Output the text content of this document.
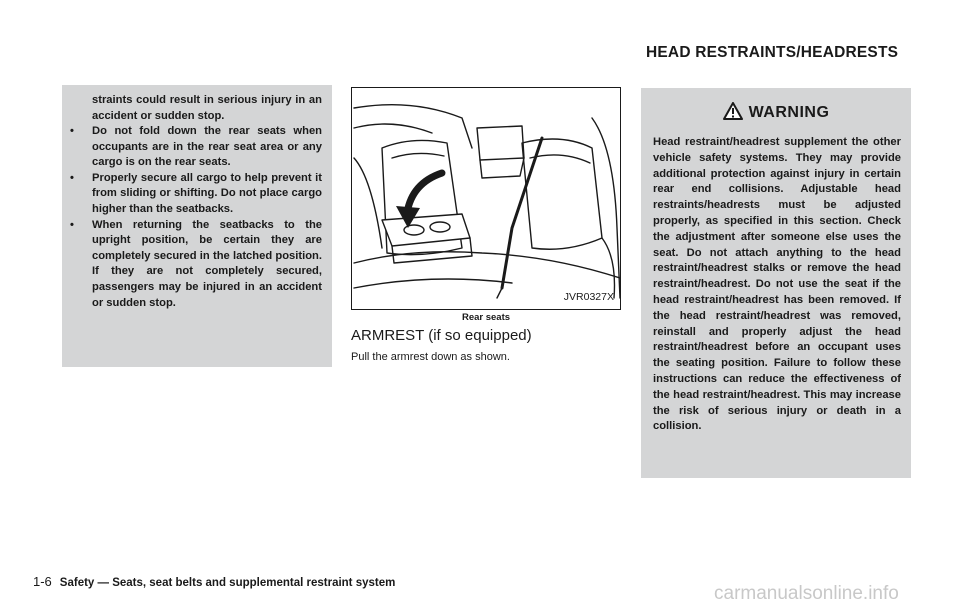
HEAD RESTRAINTS/HEADRESTS
straints could result in serious injury in an accident or sudden stop.
• Do not fold down the rear seats when occupants are in the rear seat area or any cargo is on the rear seats.
• Properly secure all cargo to help prevent it from sliding or shifting. Do not place cargo higher than the seatbacks.
• When returning the seatbacks to the upright position, be certain they are completely secured in the latched position. If they are not completely secured, passengers may be injured in an accident or sudden stop.	JVR0327X
Rear seats
ARMREST (if so equipped)
Pull the armrest down as shown.
WARNING
Head restraint/headrest supplement the other vehicle safety systems. They may provide additional protection against injury in certain rear end collisions. Adjustable head restraints/headrests must be adjusted properly, as specified in this section. Check the adjustment after someone else uses the seat. Do not attach anything to the head restraint/headrest stalks or remove the head restraint/headrest. Do not use the seat if the head restraint/headrest has been removed. If the head restraint/headrest was removed, reinstall and properly adjust the head restraint/headrest before an occupant uses the seating position. Failure to follow these instructions can reduce the effectiveness of the head restraint/headrest. This may increase the risk of serious injury or death in a collision.
1-6 Safety — Seats, seat belts and supplemental restraint system	carmanualsonline.info
